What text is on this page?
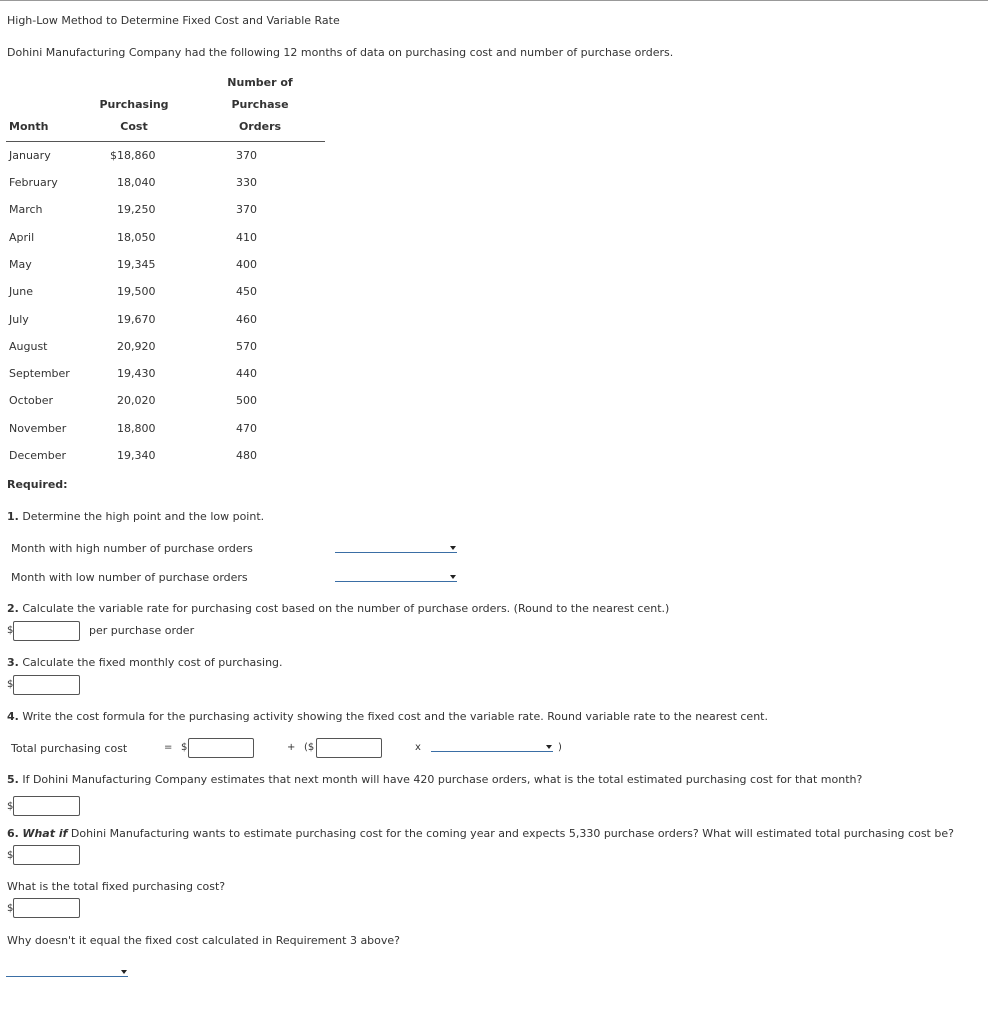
High-Low Method to Determine Fixed Cost and Variable Rate
Dohini Manufacturing Company had the following 12 months of data on purchasing cost and number of purchase orders.
Number of
Purchasing	Purchase
Month	Cost	Orders
January	$18,860	370
February	18,040	330
March	19,250	370
April	18,050	410
May	19,345	400
June	19,500	450
July	19,670	460
August	20,920	570
September	19,430	440
October	20,020	500
November	18,800	470
December	19,340	480
Required:
1. Determine the high point and the low point.
Month with high number of purchase orders
Month with low number of purchase orders
2. Calculate the variable rate for purchasing cost based on the number of purchase orders. (Round to the nearest cent.)
$	per purchase order
3. Calculate the fixed monthly cost of purchasing.
$
4. Write the cost formula for the purchasing activity showing the fixed cost and the variable rate. Round variable rate to the nearest cent.
Total purchasing cost	= $	+ ($	x	)
5. If Dohini Manufacturing Company estimates that next month will have 420 purchase orders, what is the total estimated purchasing cost for that month?
$
6. What if Dohini Manufacturing wants to estimate purchasing cost for the coming year and expects 5,330 purchase orders? What will estimated total purchasing cost be?
$
What is the total fixed purchasing cost?
$
Why doesn't it equal the fixed cost calculated in Requirement 3 above?
